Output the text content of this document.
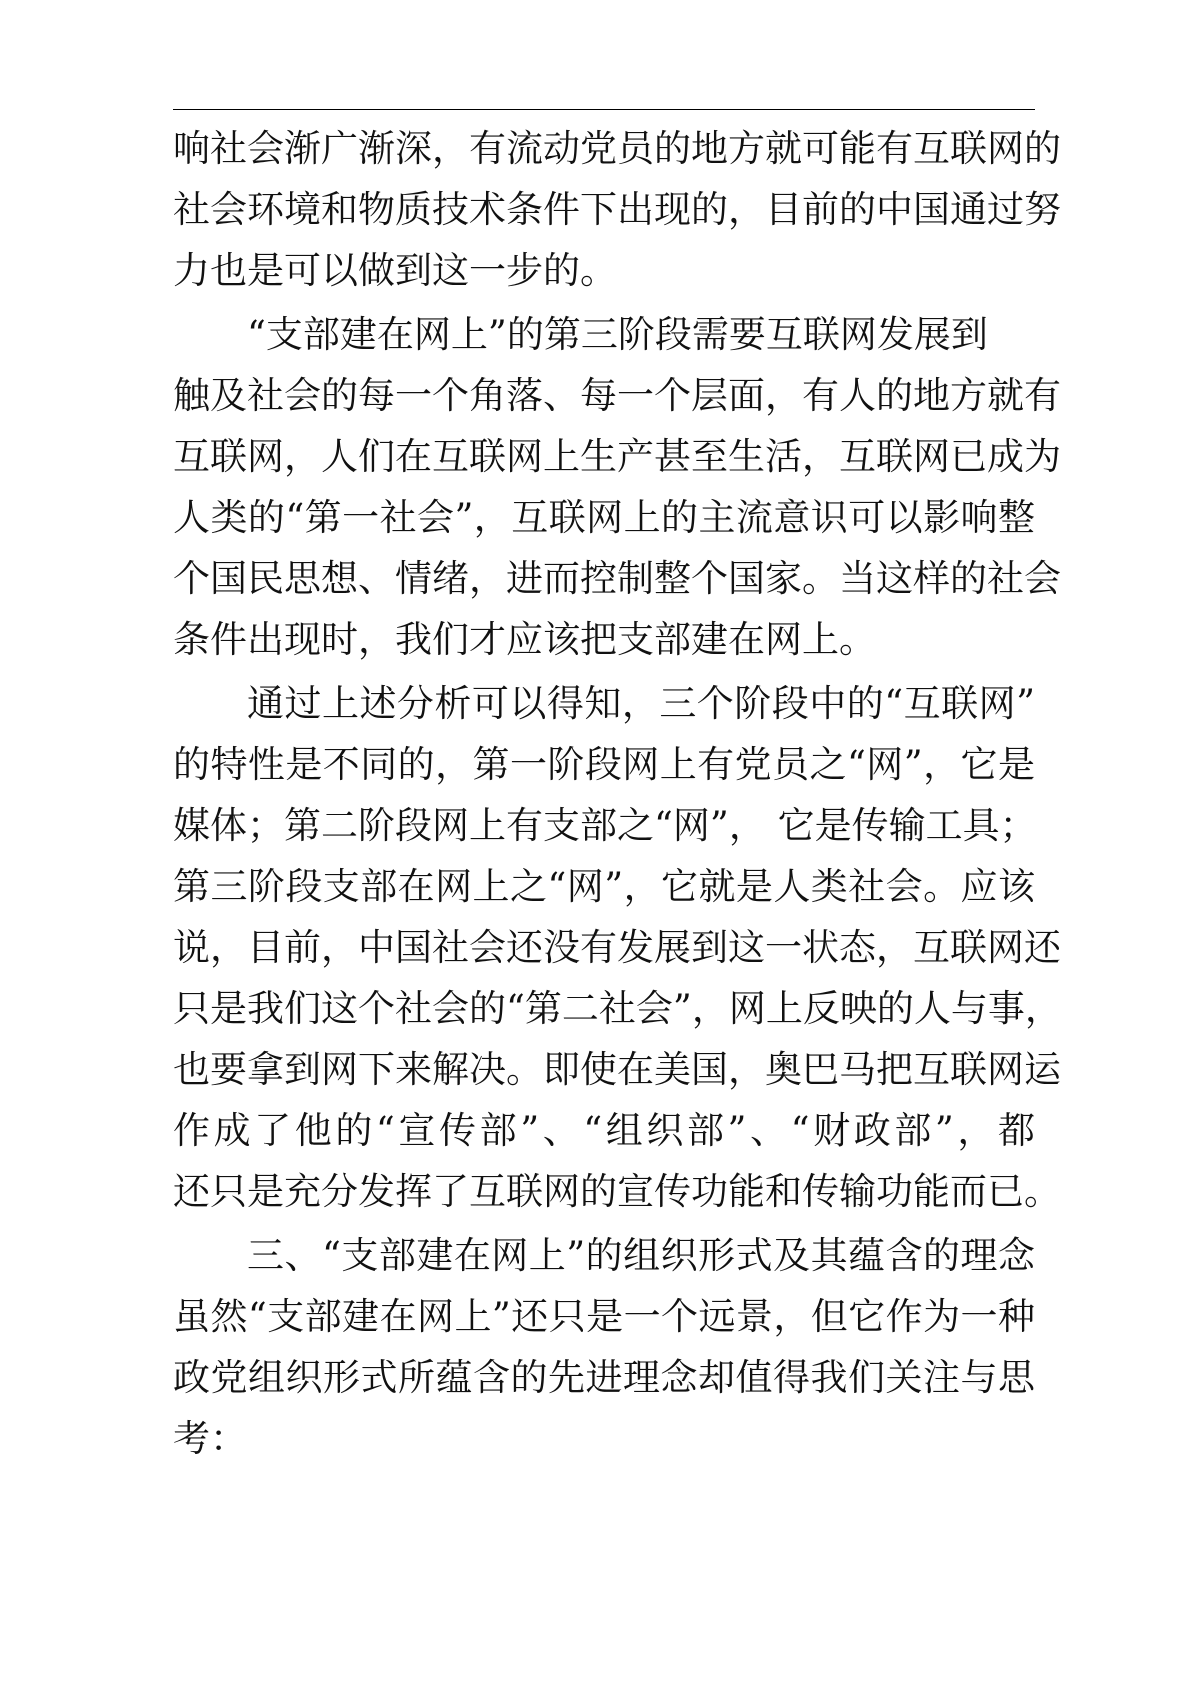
响社会渐广渐深，有流动党员的地方就可能有互联网的
社会环境和物质技术条件下出现的，目前的中国通过努
力也是可以做到这一步的。
“支部建在网上”的第三阶段需要互联网发展到
触及社会的每一个角落、每一个层面，有人的地方就有
互联网，人们在互联网上生产甚至生活，互联网已成为
人类的“第一社会”，互联网上的主流意识可以影响整
个国民思想、情绪，进而控制整个国家。当这样的社会
条件出现时，我们才应该把支部建在网上。
通过上述分析可以得知，三个阶段中的“互联网”
的特性是不同的，第一阶段网上有党员之“网”，它是
媒体；第二阶段网上有支部之“网”， 它是传输工具；
第三阶段支部在网上之“网”，它就是人类社会。应该
说，目前，中国社会还没有发展到这一状态，互联网还
只是我们这个社会的“第二社会”，网上反映的人与事，
也要拿到网下来解决。即使在美国，奥巴马把互联网运
作成了他的“宣传部”、“组织部”、“财政部”，都
还只是充分发挥了互联网的宣传功能和传输功能而已。
三、“支部建在网上”的组织形式及其蕴含的理念
虽然“支部建在网上”还只是一个远景，但它作为一种
政党组织形式所蕴含的先进理念却值得我们关注与思
考：
